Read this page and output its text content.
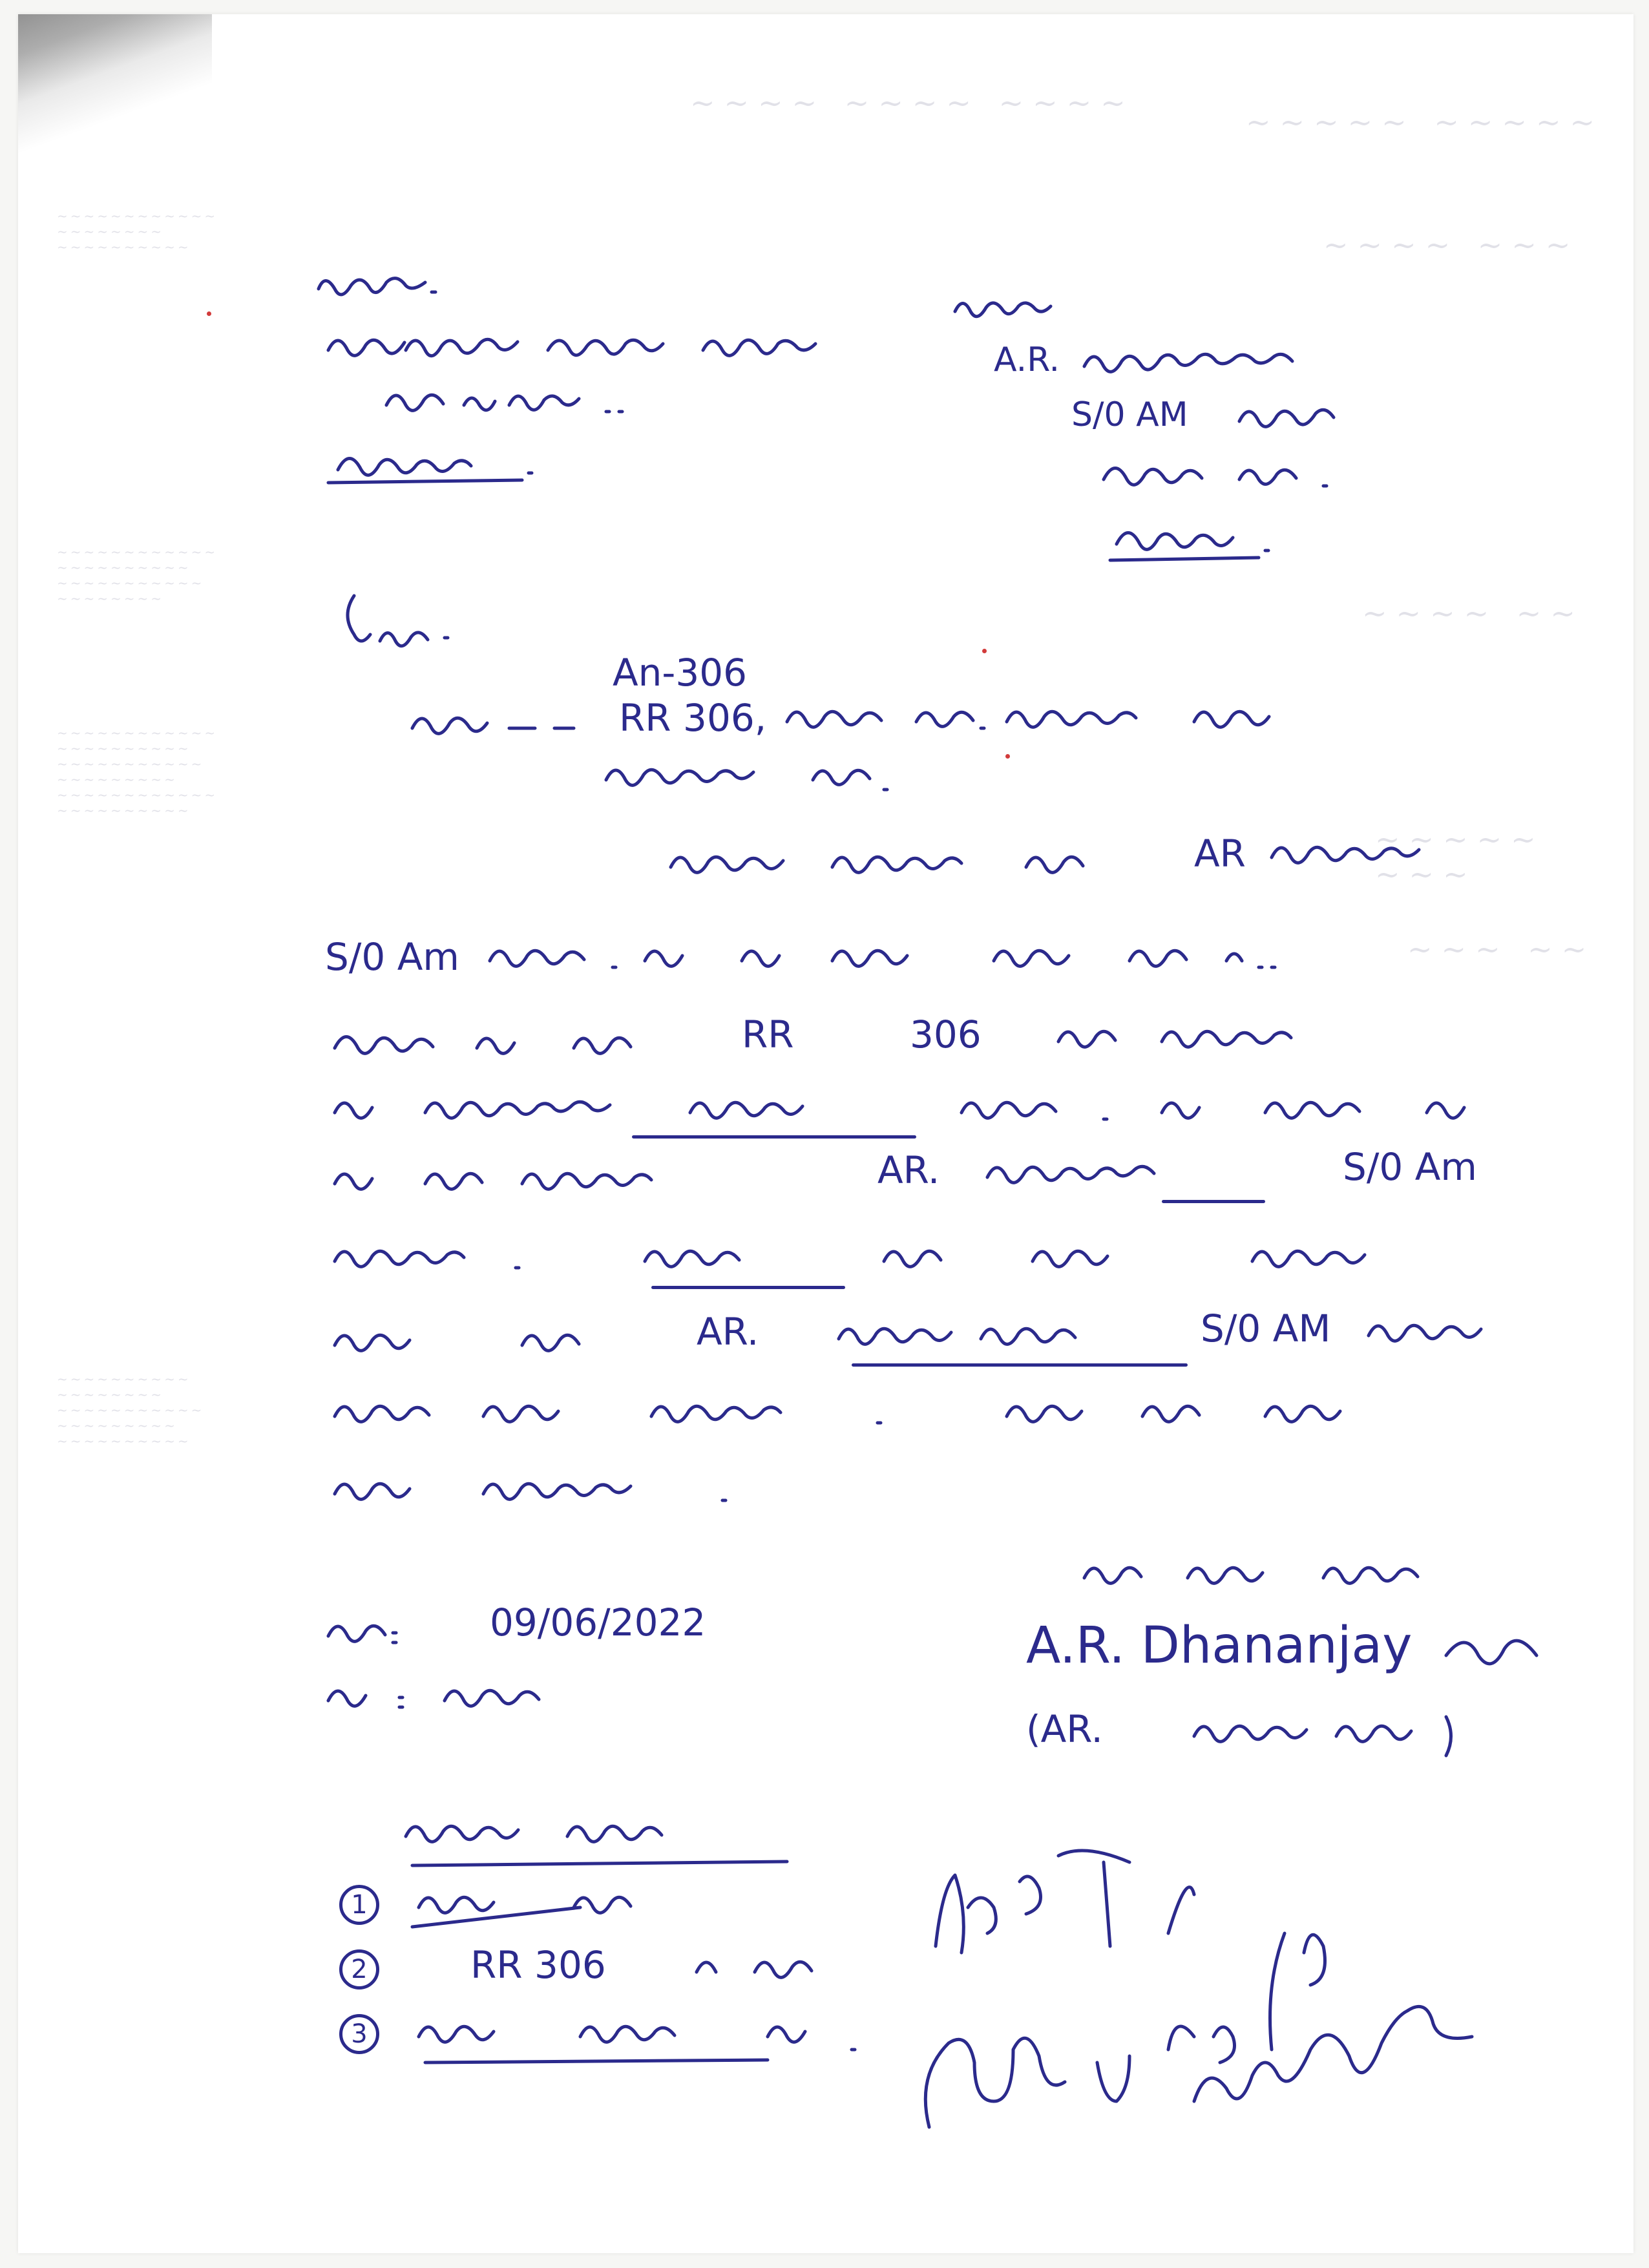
~~~~ ~~~~ ~~~~
~~~~~ ~~~~~
~~~~ ~~~
~~~~~~~~~~~~
~~~~~~~~
~~~~~~~~~~
~~~~~~~~~~~~
~~~~~~~~~~
~~~~~~~~~~~
~~~~~~~~
~~~~~~~~~~~~
~~~~~~~~~~
~~~~~~~~~~~
~~~~~~~~~
~~~~~~~~~~~~
~~~~~~~~~~
~~~~~~~~~~
~~~~~~~~
~~~~~~~~~~~
~~~~~~~~~
~~~~~~~~~~
~~~~ ~~
~~~~~ ~~~
~~~ ~~
A.R.
S/0 AM
An-306
RR 306,
AR
S/0 Am
RR	306
AR.	S/0 Am
AR.	S/0 AM
09/06/2022	A.R. Dhananjay
(AR.
1
2	RR 306
3
